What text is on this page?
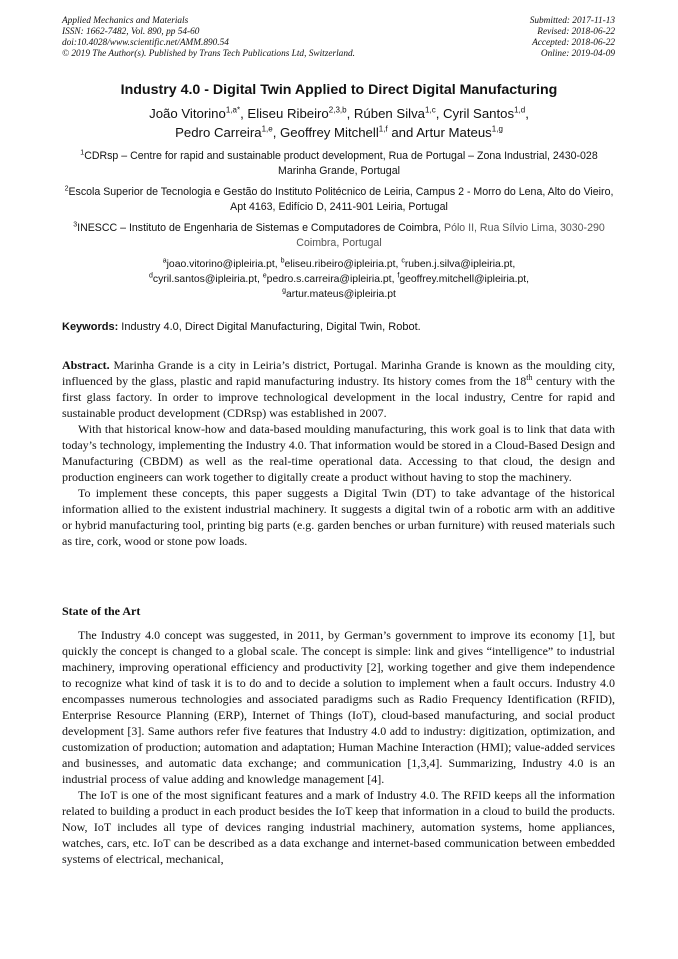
Applied Mechanics and Materials
ISSN: 1662-7482, Vol. 890, pp 54-60
doi:10.4028/www.scientific.net/AMM.890.54
© 2019 The Author(s). Published by Trans Tech Publications Ltd, Switzerland.
Submitted: 2017-11-13
Revised: 2018-06-22
Accepted: 2018-06-22
Online: 2019-04-09
Industry 4.0 - Digital Twin Applied to Direct Digital Manufacturing
João Vitorino$^{1,a*}$, Eliseu Ribeiro$^{2,3,b}$, Rúben Silva$^{1,c}$, Cyril Santos$^{1,d}$,
Pedro Carreira$^{1,e}$, Geoffrey Mitchell$^{1,f}$ and Artur Mateus$^{1,g}$
$^1$CDRsp – Centre for rapid and sustainable product development, Rua de Portugal – Zona Industrial, 2430-028 Marinha Grande, Portugal
$^2$Escola Superior de Tecnologia e Gestão do Instituto Politécnico de Leiria, Campus 2 - Morro do Lena, Alto do Vieiro, Apt 4163, Edifício D, 2411-901 Leiria, Portugal
$^3$INESCC – Instituto de Engenharia de Sistemas e Computadores de Coimbra, Pólo II, Rua Sílvio Lima, 3030-290 Coimbra, Portugal
$^a$joao.vitorino@ipleiria.pt, $^b$eliseu.ribeiro@ipleiria.pt, $^c$ruben.j.silva@ipleiria.pt,
$^d$cyril.santos@ipleiria.pt, $^e$pedro.s.carreira@ipleiria.pt, $^f$geoffrey.mitchell@ipleiria.pt,
$^g$artur.mateus@ipleiria.pt
Keywords: Industry 4.0, Direct Digital Manufacturing, Digital Twin, Robot.

Abstract. Marinha Grande is a city in Leiria’s district, Portugal. Marinha Grande is known as the moulding city, influenced by the glass, plastic and rapid manufacturing industry. Its history comes from the 18th century with the first glass factory. In order to improve technological development in the local industry, Centre for rapid and sustainable product development (CDRsp) was established in 2007.

With that historical know-how and data-based moulding manufacturing, this work goal is to link that data with today’s technology, implementing the Industry 4.0. That information would be stored in a Cloud-Based Design and Manufacturing (CBDM) as well as the real-time operational data. Accessing to that cloud, the design and production engineers can work together to digitally create a product without having to stop the machinery.

To implement these concepts, this paper suggests a Digital Twin (DT) to take advantage of the historical information allied to the existent industrial machinery. It suggests a digital twin of a robotic arm with an additive or hybrid manufacturing tool, printing big parts (e.g. garden benches or urban furniture) with reused materials such as tire, cork, wood or stone pow loads.

State of the Art

The Industry 4.0 concept was suggested, in 2011, by German’s government to improve its economy [1], but quickly the concept is changed to a global scale. The concept is simple: link and gives “intelligence” to industrial machinery, improving operational efficiency and productivity [2], working together and give them independence to recognize what kind of task it is to do and to decide a solution to implement when a fault occurs. Industry 4.0 encompasses numerous technologies and associated paradigms such as Radio Frequency Identification (RFID), Enterprise Resource Planning (ERP), Internet of Things (IoT), cloud-based manufacturing, and social product development [3]. Same authors refer five features that Industry 4.0 add to industry: digitization, optimization, and customization of production; automation and adaptation; Human Machine Interaction (HMI); value-added services and businesses, and automatic data exchange; and communication [1,3,4]. Summarizing, Industry 4.0 is an industrial process of value adding and knowledge management [4].

The IoT is one of the most significant features and a mark of Industry 4.0. The RFID keeps all the information related to building a product in each product besides the IoT keep that information in a cloud to build the products. Now, IoT includes all type of devices ranging industrial machinery, automation systems, home appliances, watches, cars, etc. IoT can be described as a data exchange and internet-based communication between embedded systems of electrical, mechanical,
